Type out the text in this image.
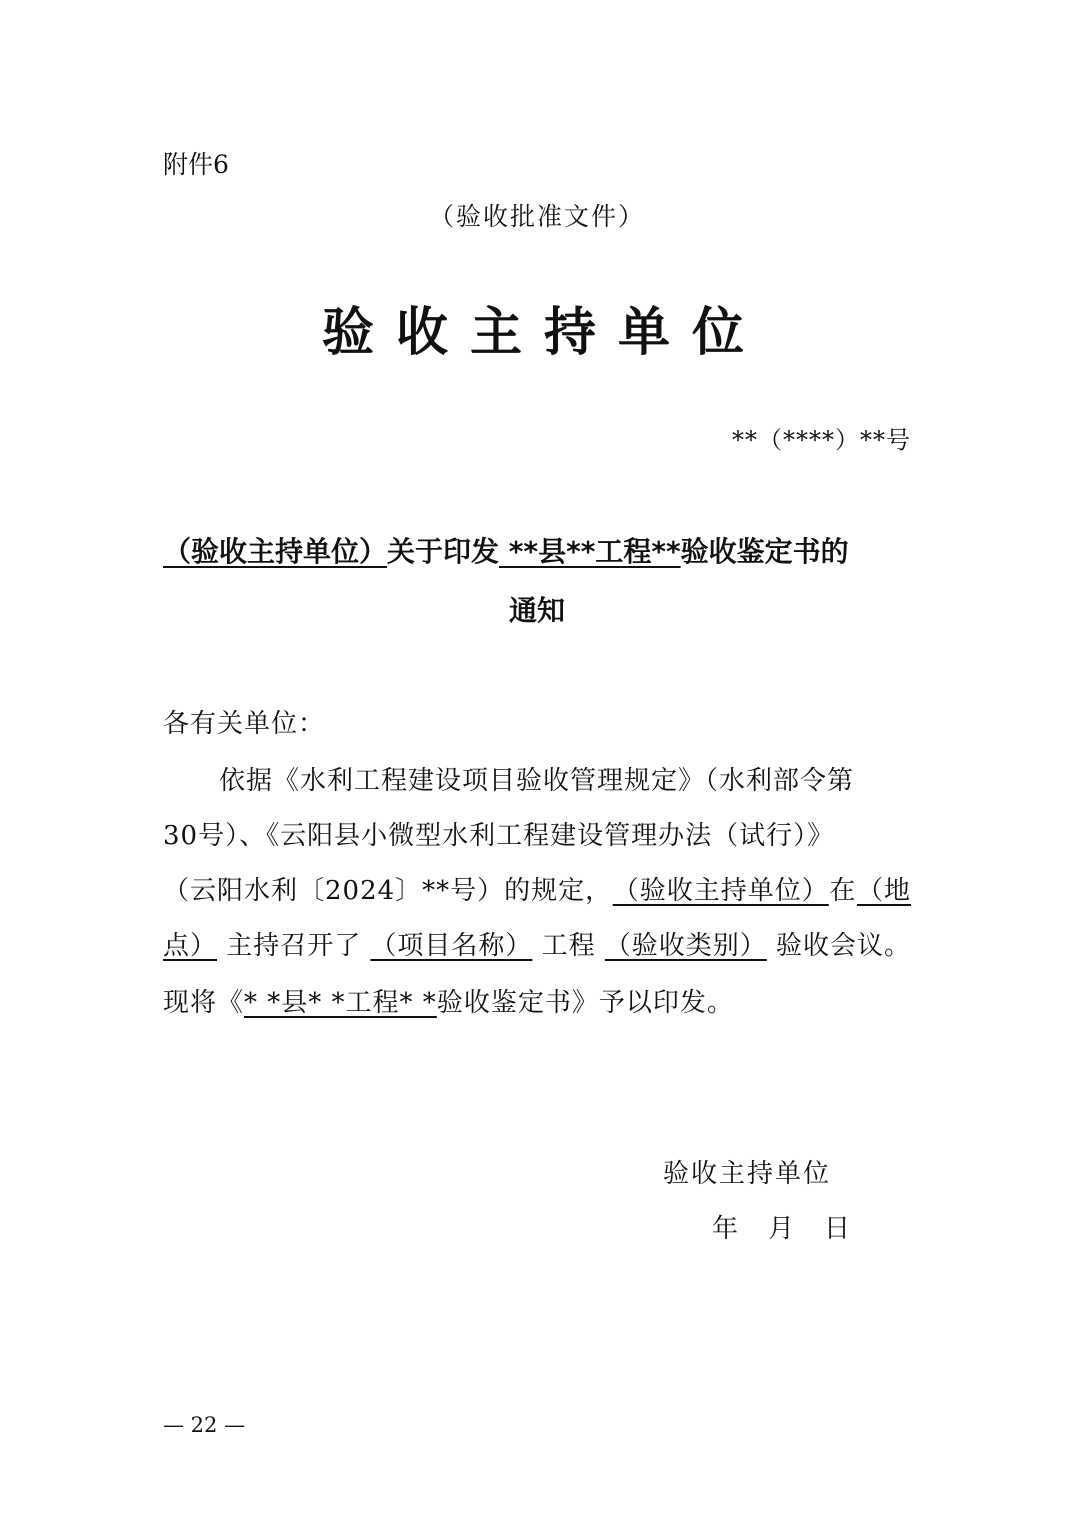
附件6
（验收批准文件）
验收主持单位
**（****）**号
（验收主持单位）关于印发 **县**工程**验收鉴定书的
通知
各有关单位：
依据《水利工程建设项目验收管理规定》（水利部令第
30号）、《云阳县小微型水利工程建设管理办法（试行）》
（云阳水利〔2024〕**号）的规定， （验收主持单位） 在 （地
点） 主持召开了 （项目名称） 工程 （验收类别） 验收会议。
现将《* *县* *工程* *验收鉴定书》予以印发。
验收主持单位
年 月 日
— 22 —
